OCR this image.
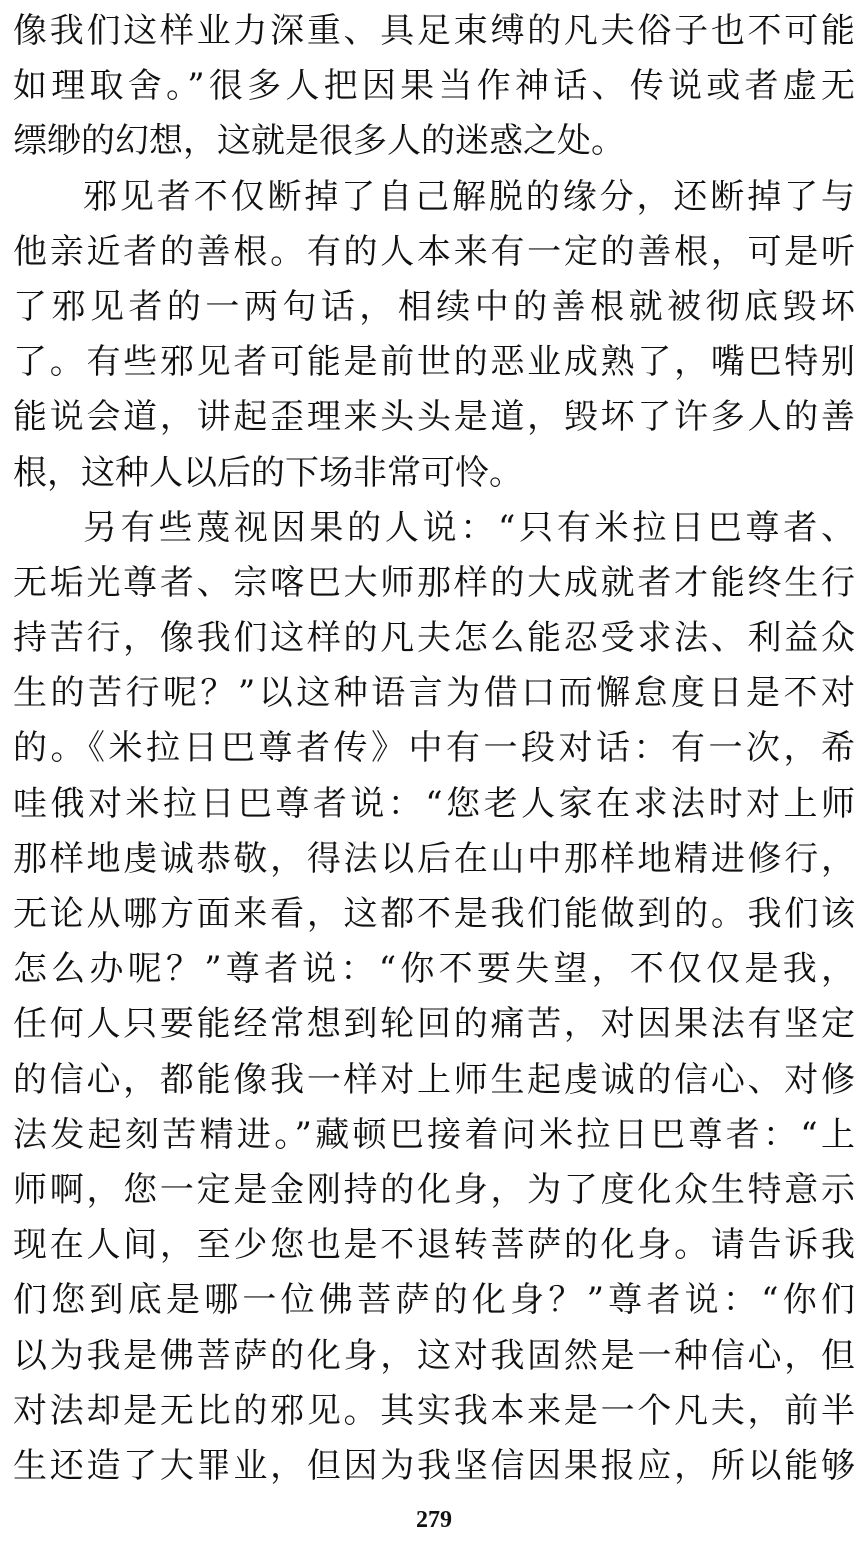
像我们这样业力深重、具足束缚的凡夫俗子也不可能
如理取舍。”很多人把因果当作神话、传说或者虚无
缥缈的幻想，这就是很多人的迷惑之处。
邪见者不仅断掉了自己解脱的缘分，还断掉了与
他亲近者的善根。有的人本来有一定的善根，可是听
了邪见者的一两句话，相续中的善根就被彻底毁坏
了。有些邪见者可能是前世的恶业成熟了，嘴巴特别
能说会道，讲起歪理来头头是道，毁坏了许多人的善
根，这种人以后的下场非常可怜。
另有些蔑视因果的人说：“只有米拉日巴尊者、
无垢光尊者、宗喀巴大师那样的大成就者才能终生行
持苦行，像我们这样的凡夫怎么能忍受求法、利益众
生的苦行呢？”以这种语言为借口而懈怠度日是不对
的。《米拉日巴尊者传》中有一段对话：有一次，希
哇俄对米拉日巴尊者说：“您老人家在求法时对上师
那样地虔诚恭敬，得法以后在山中那样地精进修行，
无论从哪方面来看，这都不是我们能做到的。我们该
怎么办呢？”尊者说：“你不要失望，不仅仅是我，
任何人只要能经常想到轮回的痛苦，对因果法有坚定
的信心，都能像我一样对上师生起虔诚的信心、对修
法发起刻苦精进。”藏顿巴接着问米拉日巴尊者：“上
师啊，您一定是金刚持的化身，为了度化众生特意示
现在人间，至少您也是不退转菩萨的化身。请告诉我
们您到底是哪一位佛菩萨的化身？”尊者说：“你们
以为我是佛菩萨的化身，这对我固然是一种信心，但
对法却是无比的邪见。其实我本来是一个凡夫，前半
生还造了大罪业，但因为我坚信因果报应，所以能够
279
